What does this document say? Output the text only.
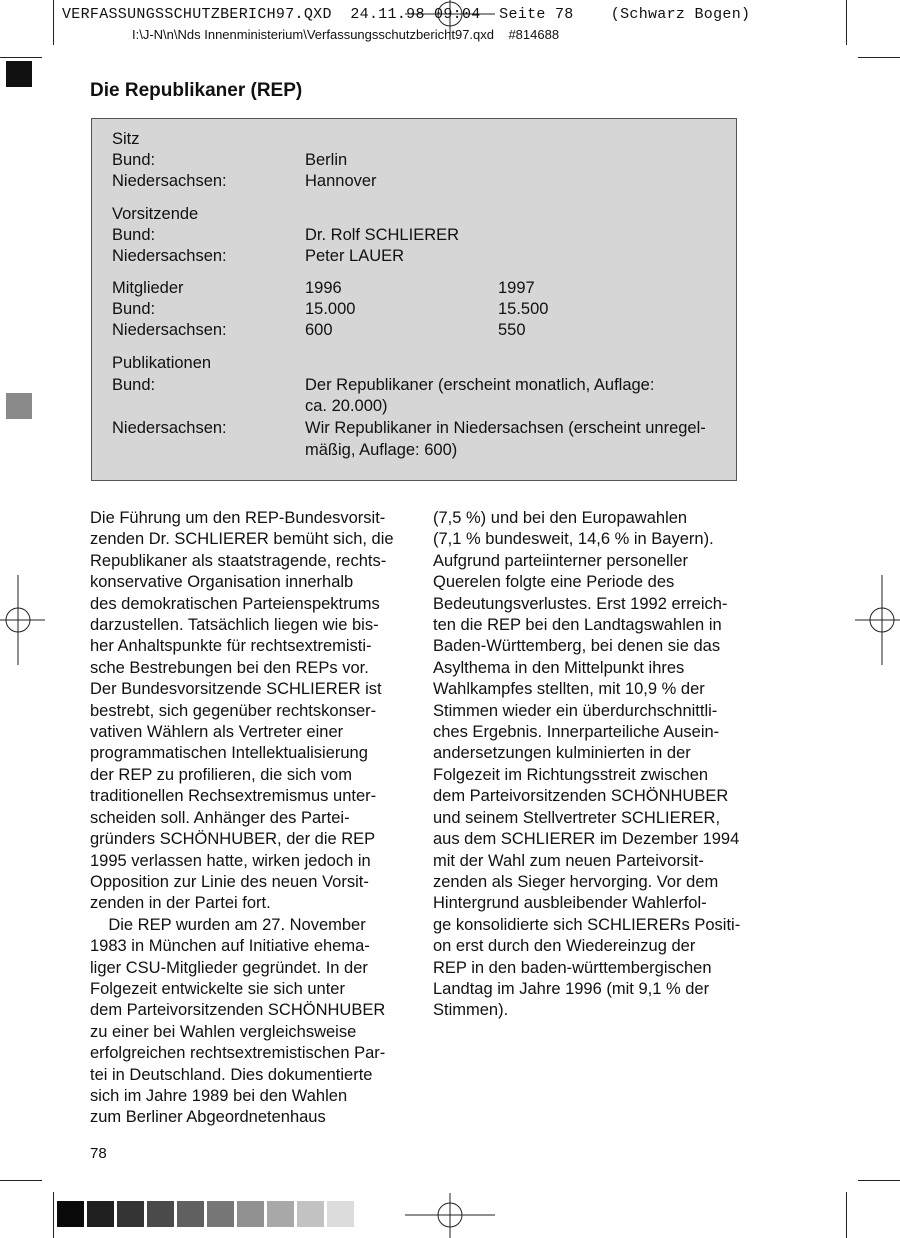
VERFASSUNGSSCHUTZBERICH97.QXD  24.11.98 09:04  Seite 78    (Schwarz Bogen)
I:\J-N\n\Nds Innenministerium\Verfassungsschutzbericht97.qxd    #814688
Die Republikaner (REP)
Sitz
Bund:	Berlin
Niedersachsen:	Hannover
Vorsitzende
Bund:	Dr. Rolf SCHLIERER
Niedersachsen:	Peter LAUER
Mitglieder	1996	1997
Bund:	15.000	15.500
Niedersachsen:	600	550
Publikationen
Bund:	Der Republikaner (erscheint monatlich, Auflage:
ca. 20.000)
Niedersachsen:	Wir Republikaner in Niedersachsen (erscheint unregel-
mäßig, Auflage: 600)
Die Führung um den REP-Bundesvorsit-
zenden Dr. SCHLIERER bemüht sich, die
Republikaner als staatstragende, rechts-
konservative Organisation innerhalb
des demokratischen Parteienspektrums
darzustellen. Tatsächlich liegen wie bis-
her Anhaltspunkte für rechtsextremisti-
sche Bestrebungen bei den REPs vor.
Der Bundesvorsitzende SCHLIERER ist
bestrebt, sich gegenüber rechtskonser-
vativen Wählern als Vertreter einer
programmatischen Intellektualisierung
der REP zu profilieren, die sich vom
traditionellen Rechsextremismus unter-
scheiden soll. Anhänger des Partei-
gründers SCHÖNHUBER, der die REP
1995 verlassen hatte, wirken jedoch in
Opposition zur Linie des neuen Vorsit-
zenden in der Partei fort.
Die REP wurden am 27. November
1983 in München auf Initiative ehema-
liger CSU-Mitglieder gegründet. In der
Folgezeit entwickelte sie sich unter
dem Parteivorsitzenden SCHÖNHUBER
zu einer bei Wahlen vergleichsweise
erfolgreichen rechtsextremistischen Par-
tei in Deutschland. Dies dokumentierte
sich im Jahre 1989 bei den Wahlen
zum Berliner Abgeordnetenhaus
(7,5 %) und bei den Europawahlen
(7,1 % bundesweit, 14,6 % in Bayern).
Aufgrund parteiinterner personeller
Querelen folgte eine Periode des
Bedeutungsverlustes. Erst 1992 erreich-
ten die REP bei den Landtagswahlen in
Baden-Württemberg, bei denen sie das
Asylthema in den Mittelpunkt ihres
Wahlkampfes stellten, mit 10,9 % der
Stimmen wieder ein überdurchschnittli-
ches Ergebnis. Innerparteiliche Ausein-
andersetzungen kulminierten in der
Folgezeit im Richtungsstreit zwischen
dem Parteivorsitzenden SCHÖNHUBER
und seinem Stellvertreter SCHLIERER,
aus dem SCHLIERER im Dezember 1994
mit der Wahl zum neuen Parteivorsit-
zenden als Sieger hervorging. Vor dem
Hintergrund ausbleibender Wahlerfol-
ge konsolidierte sich SCHLIERERs Positi-
on erst durch den Wiedereinzug der
REP in den baden-württembergischen
Landtag im Jahre 1996 (mit 9,1 % der
Stimmen).
78
